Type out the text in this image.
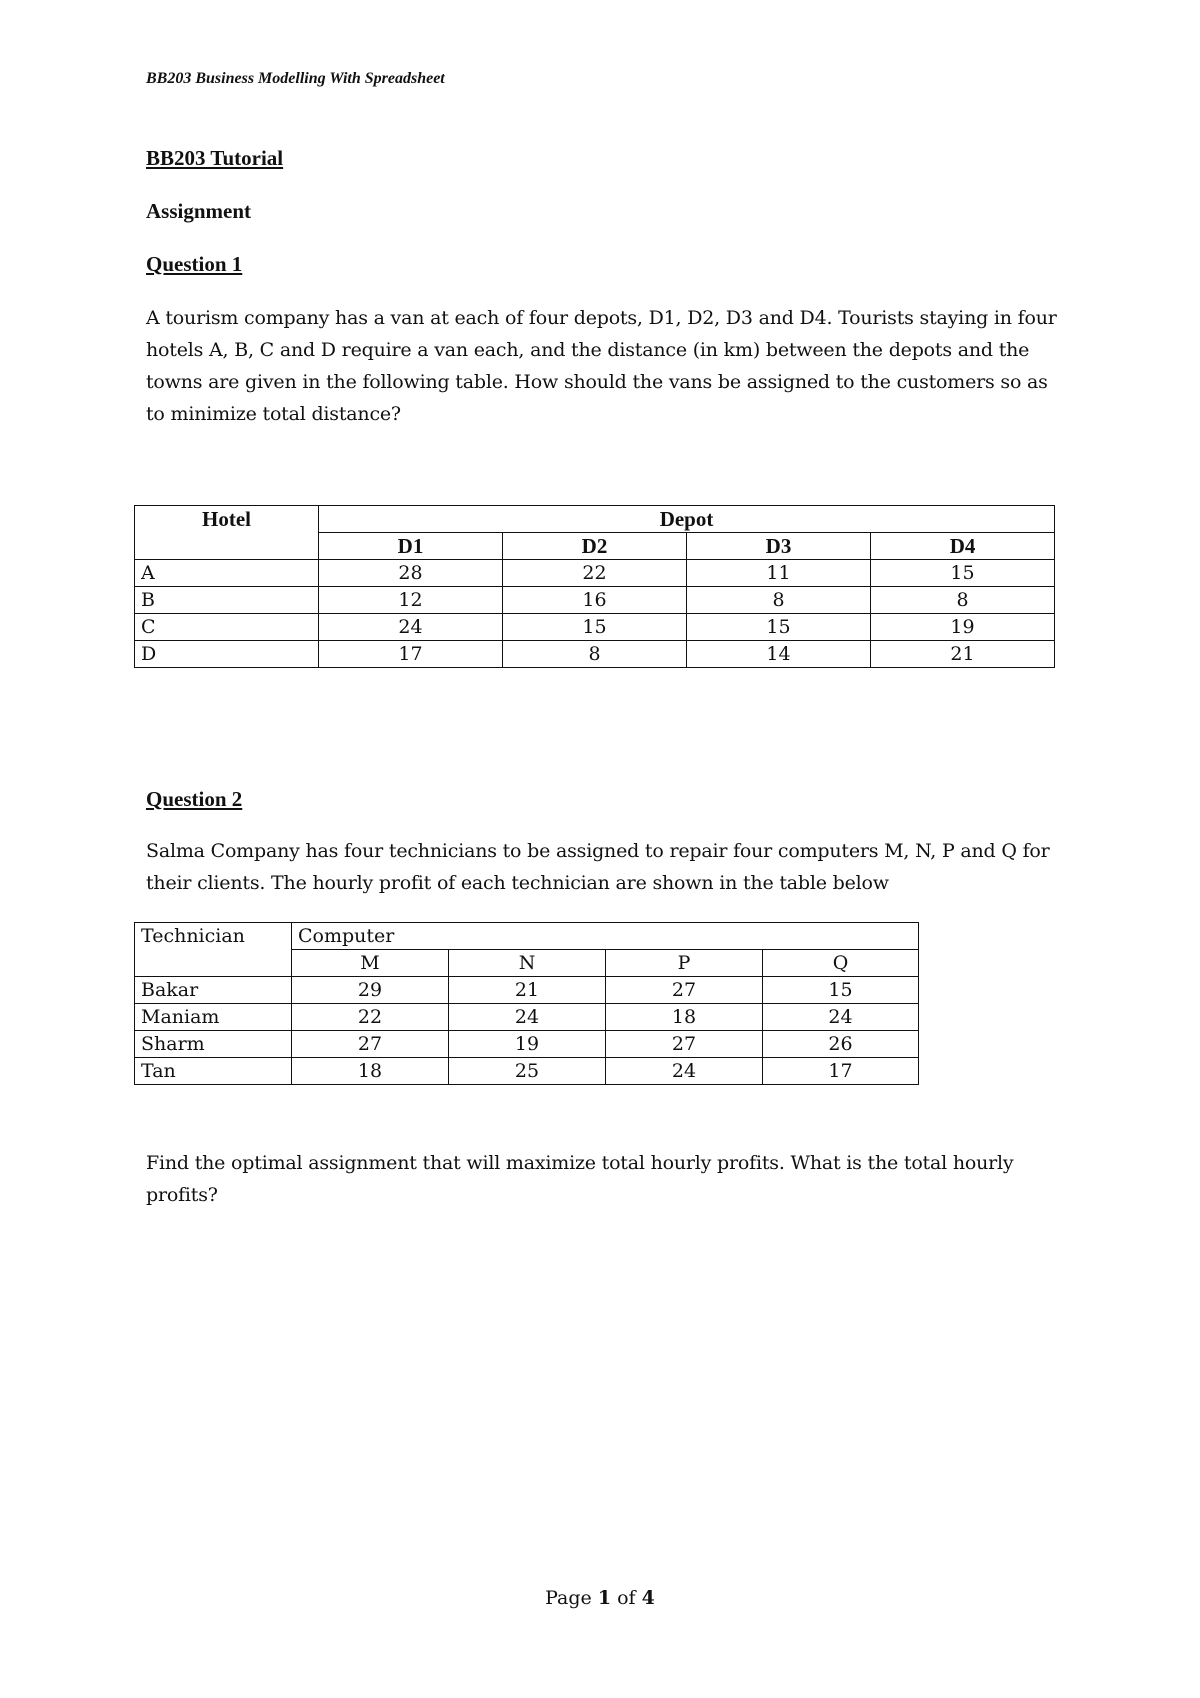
BB203 Business Modelling With Spreadsheet
BB203 Tutorial
Assignment
Question 1
A tourism company has a van at each of four depots, D1, D2, D3 and D4. Tourists staying in four hotels A, B, C and D require a van each, and the distance (in km) between the depots and the towns are given in the following table. How should the vans be assigned to the customers so as to minimize total distance?
Hotel	Depot			
	D1	D2	D3	D4
A	28	22	11	15
B	12	16	8	8
C	24	15	15	19
D	17	8	14	21
Question 2
Salma Company has four technicians to be assigned to repair four computers M, N, P and Q for their clients. The hourly profit of each technician are shown in the table below
Technician	Computer			
	M	N	P	Q
Bakar	29	21	27	15
Maniam	22	24	18	24
Sharm	27	19	27	26
Tan	18	25	24	17
Find the optimal assignment that will maximize total hourly profits. What is the total hourly profits?
Page 1 of 4
